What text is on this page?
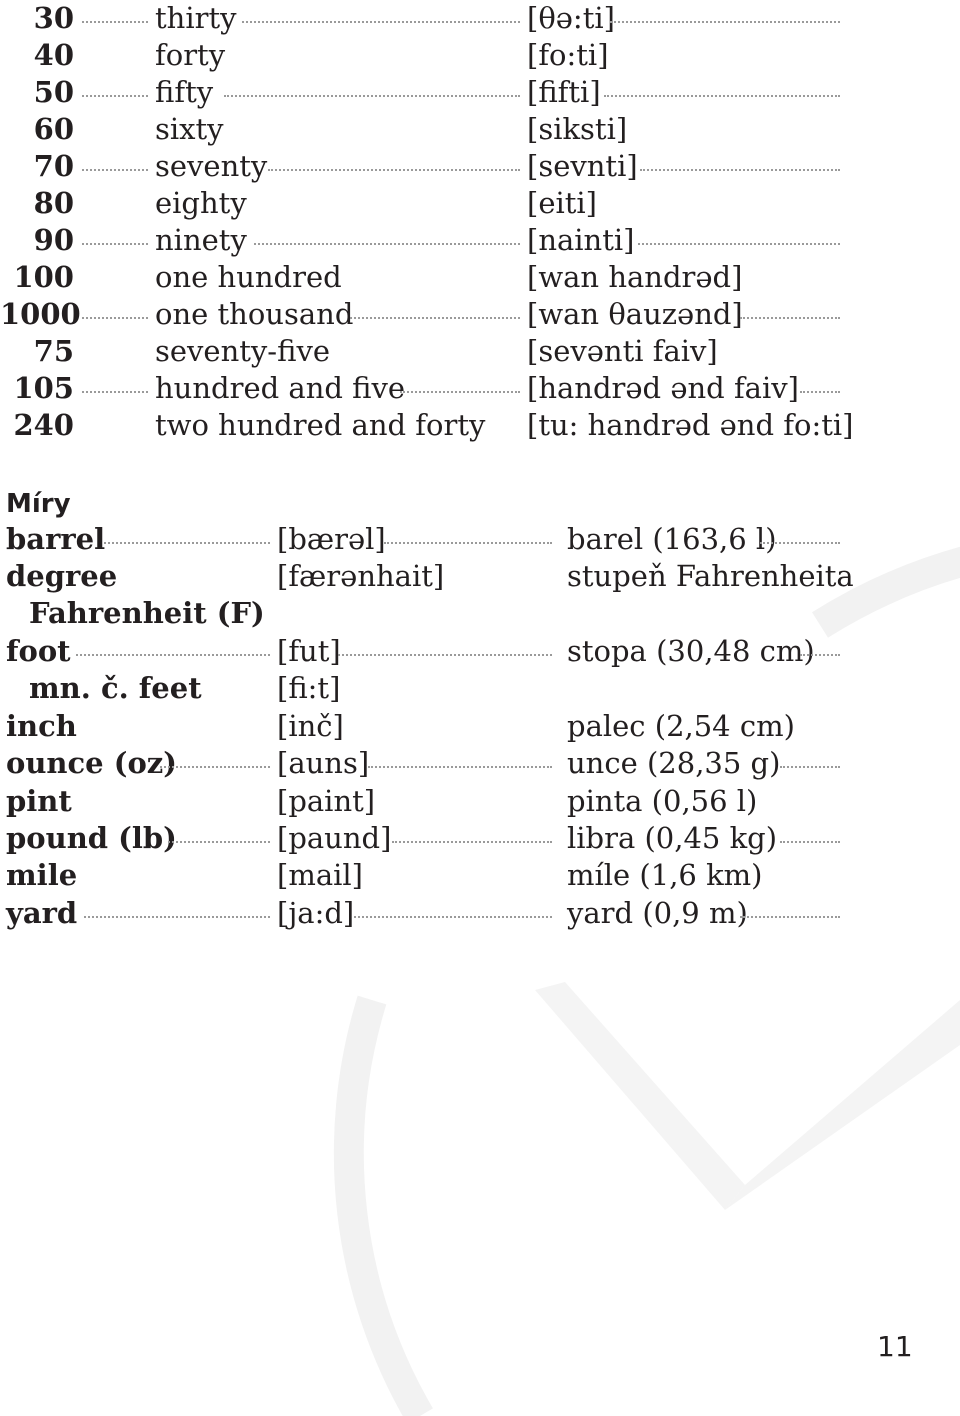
30	thirty	[θə:ti]
40	forty	[fo:ti]
50	fifty	[fifti]
60	sixty	[siksti]
70	seventy	[sevnti]
80	eighty	[eiti]
90	ninety	[nainti]
100	one hundred	[wan handrəd]
1000	one thousand	[wan θauzənd]
75	seventy-five	[sevənti faiv]
105	hundred and five	[handrəd ənd faiv]
240	two hundred and forty [tu: handrəd ənd fo:ti]
Míry
barrel	[bærəl]	barel (163,6 l)
degree	[færənhait]	stupeň Fahrenheita
Fahrenheit (F)
foot	[fut]	stopa (30,48 cm)
mn. č. feet	[fi:t]
inch	[inč]	palec (2,54 cm)
ounce (oz)	[auns]	unce (28,35 g)
pint	[paint]	pinta (0,56 l)
pound (lb)	[paund]	libra (0,45 kg)
mile	[mail]	míle (1,6 km)
yard	[ja:d]	yard (0,9 m)
11
